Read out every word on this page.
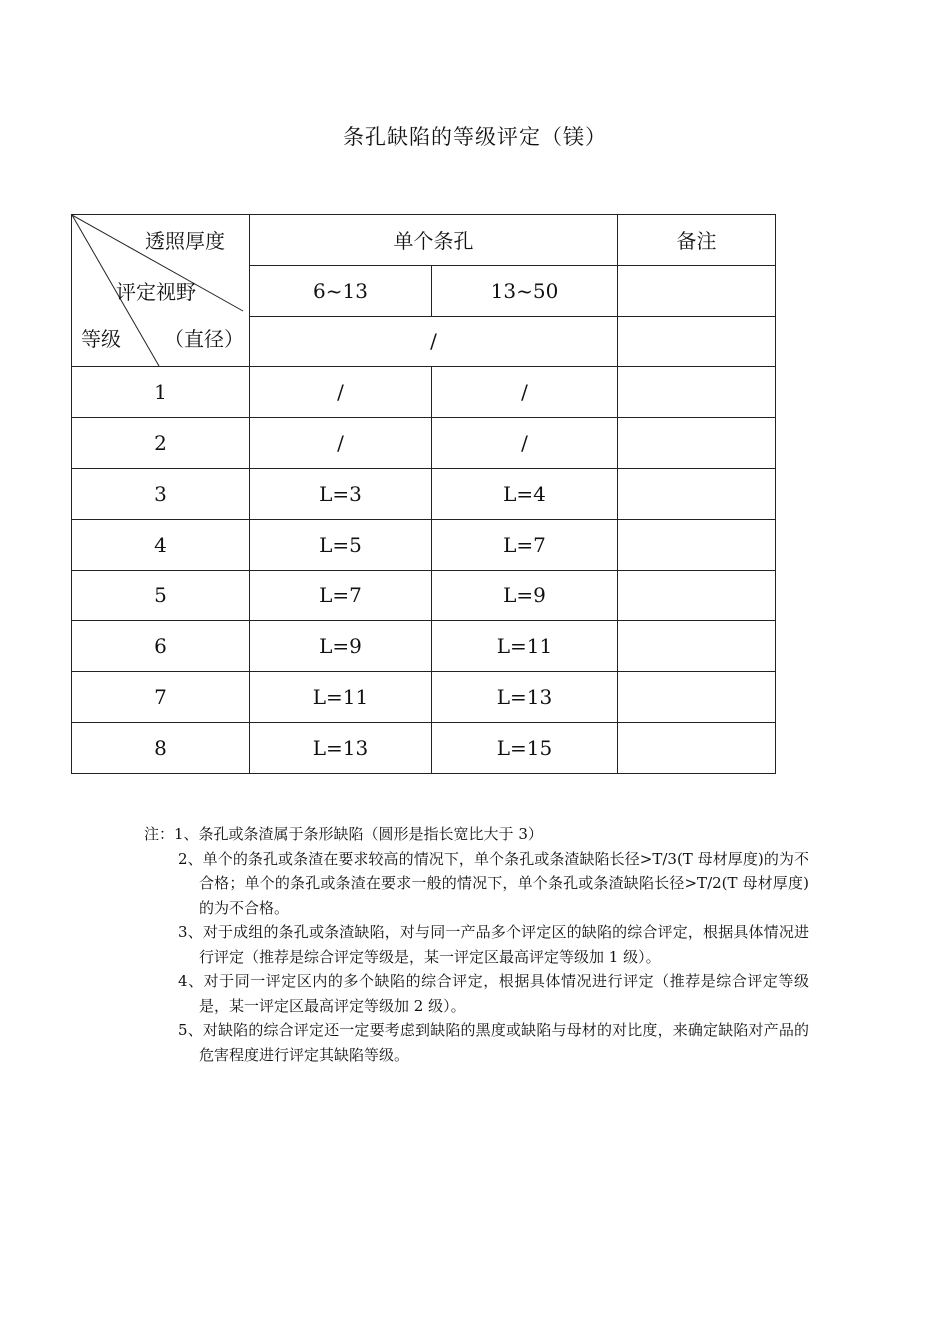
条孔缺陷的等级评定（镁）
透照厚度
评定视野
等级 （直径）	单个条孔		备注
	6~13	13~50	
	/		
1	/	/	
2	/	/	
3	L=3	L=4	
4	L=5	L=7	
5	L=7	L=9	
6	L=9	L=11	
7	L=11	L=13	
8	L=13	L=15	
注： 1、条孔或条渣属于条形缺陷（圆形是指长宽比大于 3）
2、单个的条孔或条渣在要求较高的情况下，单个条孔或条渣缺陷长径>T/3(T 母材厚度)的为不合格；单个的条孔或条渣在要求一般的情况下，单个条孔或条渣缺陷长径>T/2(T 母材厚度)的为不合格。
3、对于成组的条孔或条渣缺陷，对与同一产品多个评定区的缺陷的综合评定，根据具体情况进行评定（推荐是综合评定等级是，某一评定区最高评定等级加 1 级）。
4、对于同一评定区内的多个缺陷的综合评定，根据具体情况进行评定（推荐是综合评定等级是，某一评定区最高评定等级加 2 级）。
5、对缺陷的综合评定还一定要考虑到缺陷的黑度或缺陷与母材的对比度，来确定缺陷对产品的危害程度进行评定其缺陷等级。
